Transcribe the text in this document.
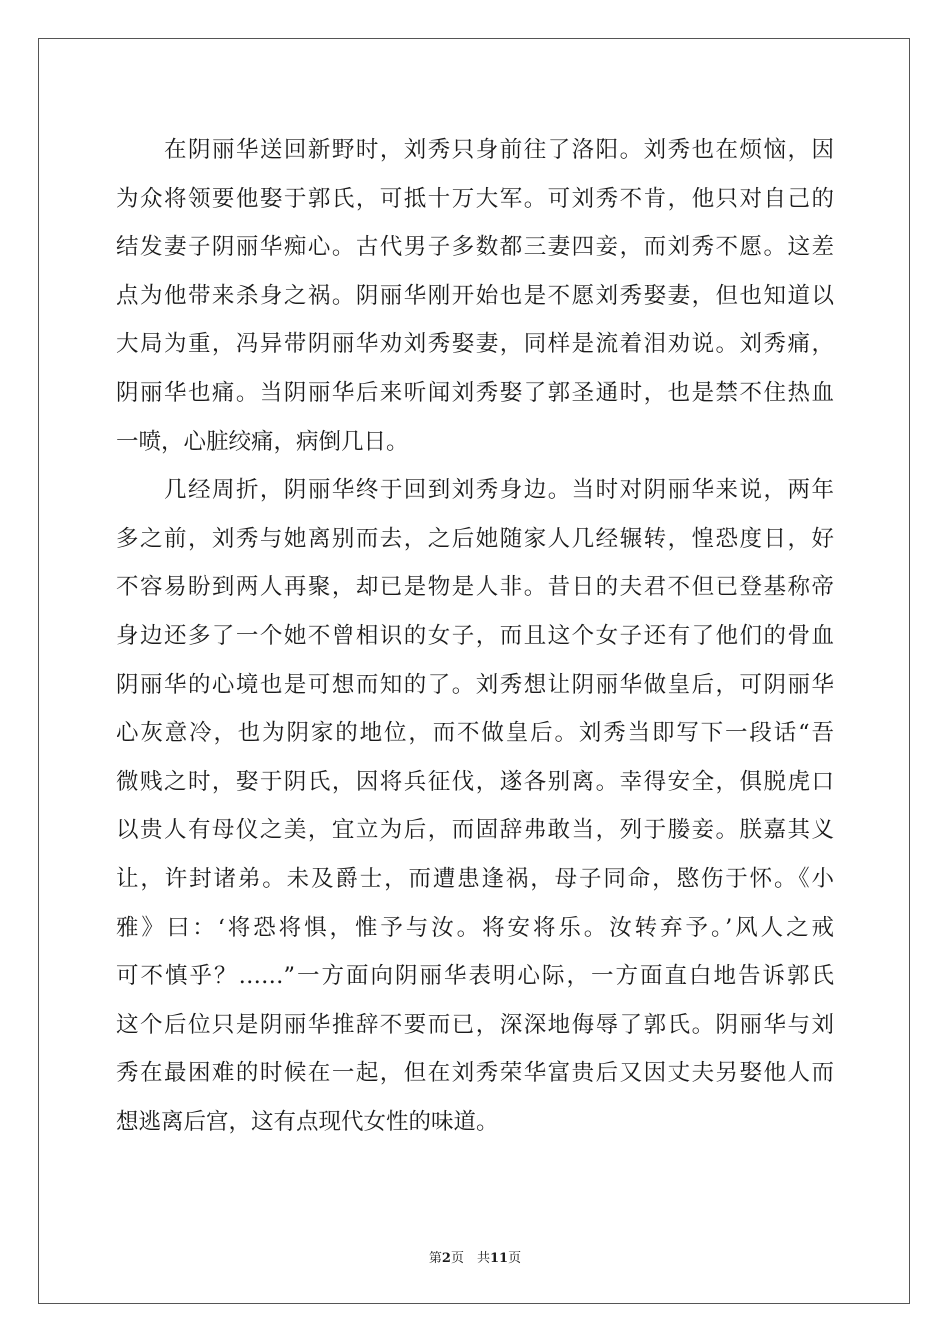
在阴丽华送回新野时，刘秀只身前往了洛阳。刘秀也在烦恼，因
为众将领要他娶于郭氏，可抵十万大军。可刘秀不肯，他只对自己的
结发妻子阴丽华痴心。古代男子多数都三妻四妾，而刘秀不愿。这差
点为他带来杀身之祸。阴丽华刚开始也是不愿刘秀娶妻，但也知道以
大局为重，冯异带阴丽华劝刘秀娶妻，同样是流着泪劝说。刘秀痛，
阴丽华也痛。当阴丽华后来听闻刘秀娶了郭圣通时，也是禁不住热血
一喷，心脏绞痛，病倒几日。
几经周折，阴丽华终于回到刘秀身边。当时对阴丽华来说，两年
多之前，刘秀与她离别而去，之后她随家人几经辗转，惶恐度日，好
不容易盼到两人再聚，却已是物是人非。昔日的夫君不但已登基称帝
身边还多了一个她不曾相识的女子，而且这个女子还有了他们的骨血
阴丽华的心境也是可想而知的了。刘秀想让阴丽华做皇后，可阴丽华
心灰意冷，也为阴家的地位，而不做皇后。刘秀当即写下一段话“吾
微贱之时，娶于阴氏，因将兵征伐，遂各别离。幸得安全，俱脱虎口
以贵人有母仪之美，宜立为后，而固辞弗敢当，列于媵妾。朕嘉其义
让，许封诸弟。未及爵士，而遭患逢祸，母子同命，愍伤于怀。《小
雅》曰：‘将恐将惧，惟予与汝。将安将乐。汝转弃予。’风人之戒
可不慎乎？……”一方面向阴丽华表明心际，一方面直白地告诉郭氏
这个后位只是阴丽华推辞不要而已，深深地侮辱了郭氏。阴丽华与刘
秀在最困难的时候在一起，但在刘秀荣华富贵后又因丈夫另娶他人而
想逃离后宫，这有点现代女性的味道。
第2页　共11页
